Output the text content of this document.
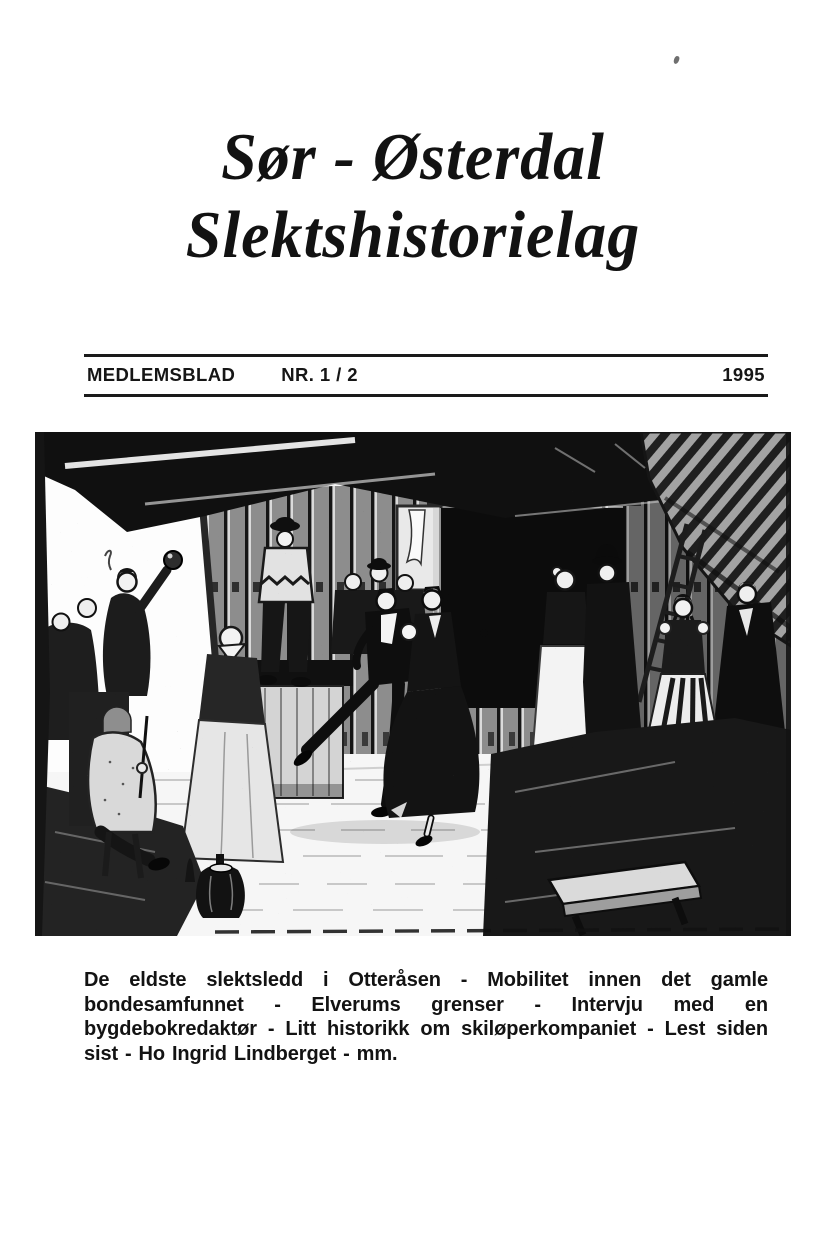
Sør - Østerdal
Slektshistorielag
MEDLEMSBLAD	NR. 1 / 2	1995

De eldste slektsledd i Otteråsen - Mobilitet innen det gamle bondesamfunnet - Elverums grenser - Intervju med en bygdebokredaktør - Litt historikk om skiløperkompaniet - Lest siden sist - Ho Ingrid Lindberget - mm.
